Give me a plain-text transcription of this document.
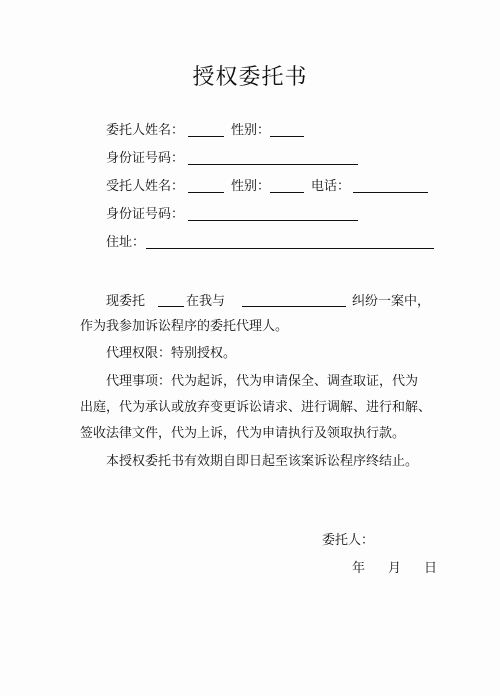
授权委托书
委托人姓名：	性别：
身份证号码：
受托人姓名：	性别：	电话：
身份证号码：
住址：
现委托	在我与	纠纷一案中，
作为我参加诉讼程序的委托代理人。
代理权限：特别授权。
代理事项：代为起诉，代为申请保全、调查取证，代为
出庭，代为承认或放弃变更诉讼请求、进行调解、进行和解、
签收法律文件，代为上诉，代为申请执行及领取执行款。
本授权委托书有效期自即日起至该案诉讼程序终结止。
委托人：
年 月 日
